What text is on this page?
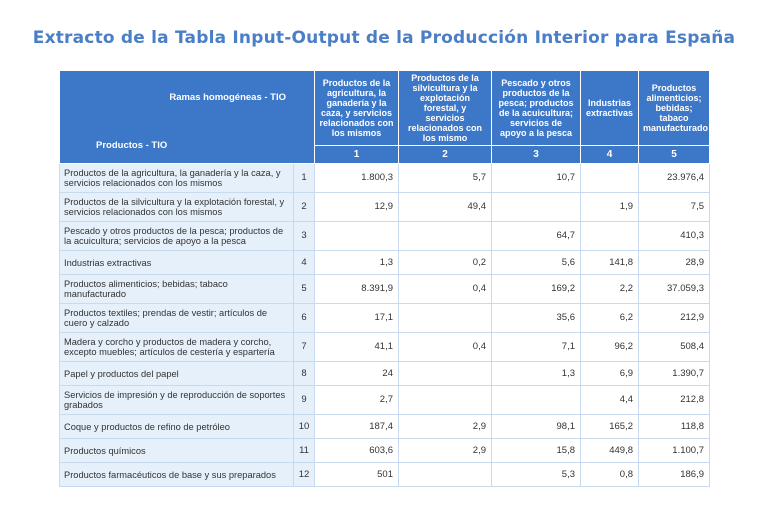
Extracto de la Tabla Input-Output de la Producción Interior para España
Ramas homogéneas - TIO
Productos - TIO		Productos de la agricultura, la ganadería y la caza, y servicios relacionados con los mismos	Productos de la silvicultura y la explotación forestal, y servicios relacionados con los mismo	Pescado y otros productos de la pesca; productos de la acuicultura; servicios de apoyo a la pesca	Industrias extractivas	Productos alimenticios; bebidas; tabaco manufacturado
		1	2	3	4	5
Productos de la agricultura, la ganadería y la caza, y servicios relacionados con los mismos	1	1.800,3	5,7	10,7		23.976,4
Productos de la silvicultura y la explotación forestal, y servicios relacionados con los mismos	2	12,9	49,4		1,9	7,5
Pescado y otros productos de la pesca; productos de la acuicultura; servicios de apoyo a la pesca	3			64,7		410,3
Industrias extractivas	4	1,3	0,2	5,6	141,8	28,9
Productos alimenticios; bebidas; tabaco manufacturado	5	8.391,9	0,4	169,2	2,2	37.059,3
Productos textiles; prendas de vestir; artículos de cuero y calzado	6	17,1		35,6	6,2	212,9
Madera y corcho y productos de madera y corcho, excepto muebles; artículos de cestería y espartería	7	41,1	0,4	7,1	96,2	508,4
Papel y productos del papel	8	24		1,3	6,9	1.390,7
Servicios de impresión y de reproducción de soportes grabados	9	2,7			4,4	212,8
Coque y productos de refino de petróleo	10	187,4	2,9	98,1	165,2	118,8
Productos químicos	11	603,6	2,9	15,8	449,8	1.100,7
Productos farmacéuticos de base y sus preparados	12	501		5,3	0,8	186,9
